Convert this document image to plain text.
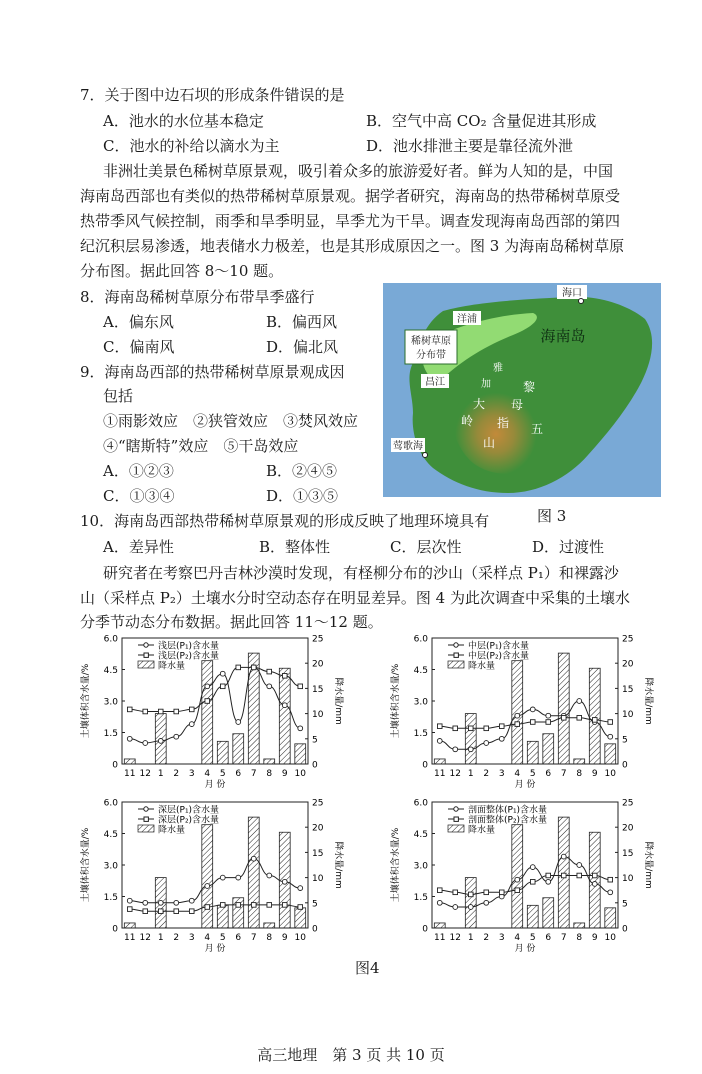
7．关于图中边石坝的形成条件错误的是
A．池水的水位基本稳定	B．空气中高 CO₂ 含量促进其形成
C．池水的补给以滴水为主	D．池水排泄主要是靠径流外泄
非洲壮美景色稀树草原景观，吸引着众多的旅游爱好者。鲜为人知的是，中国
海南岛西部也有类似的热带稀树草原景观。据学者研究，海南岛的热带稀树草原受
热带季风气候控制，雨季和旱季明显，旱季尤为干旱。调查发现海南岛西部的第四
纪沉积层易渗透，地表储水力极差，也是其形成原因之一。图 3 为海南岛稀树草原
分布图。据此回答 8～10 题。
8．海南岛稀树草原分布带旱季盛行
A．偏东风	B．偏西风
C．偏南风	D．偏北风
9．海南岛西部的热带稀树草原景观成因
包括
①雨影效应　②狭管效应　③焚风效应
④“瞎斯特”效应　⑤干岛效应
A．①②③	B．②④⑤
C．①③④	D．①③⑤
稀树草原
分布带
海口
洋浦
海南岛
昌江
雅
加
大
岭
黎
母
五
指
山
莺歌海
图 3
10．海南岛西部热带稀树草原景观的形成反映了地理环境具有
A．差异性	B．整体性	C．层次性	D．过渡性
研究者在考察巴丹吉林沙漠时发现，有柽柳分布的沙山（采样点 P₁）和裸露沙
山（采样点 P₂）土壤水分时空动态存在明显差异。图 4 为此次调查中采集的土壤水
分季节动态分布数据。据此回答 11～12 题。
0
1.5
3.0
4.5
6.0
0
5
10
15
20
25
11 12 1 2 3 4 5 6 7 8 9 10
月 份
土壤体积含水量/%	降水量/mm
浅层(P₁)含水量
浅层(P₂)含水量
降水量
0
1.5
3.0
4.5
6.0
0
5
10
15
20
25
11 12 1 2 3 4 5 6 7 8 9 10
月 份
土壤体积含水量/%	降水量/mm
中层(P₁)含水量
中层(P₂)含水量
降水量
0
1.5
3.0
4.5
6.0
0
5
10
15
20
25
11 12 1 2 3 4 5 6 7 8 9 10
月 份
土壤体积含水量/%	降水量/mm
深层(P₁)含水量
深层(P₂)含水量
降水量
0
1.5
3.0
4.5
6.0
0
5
10
15
20
25
11 12 1 2 3 4 5 6 7 8 9 10
月 份
土壤体积含水量/%	降水量/mm
剖面整体(P₁)含水量
剖面整体(P₂)含水量
降水量
图4
高三地理　第 3 页 共 10 页
